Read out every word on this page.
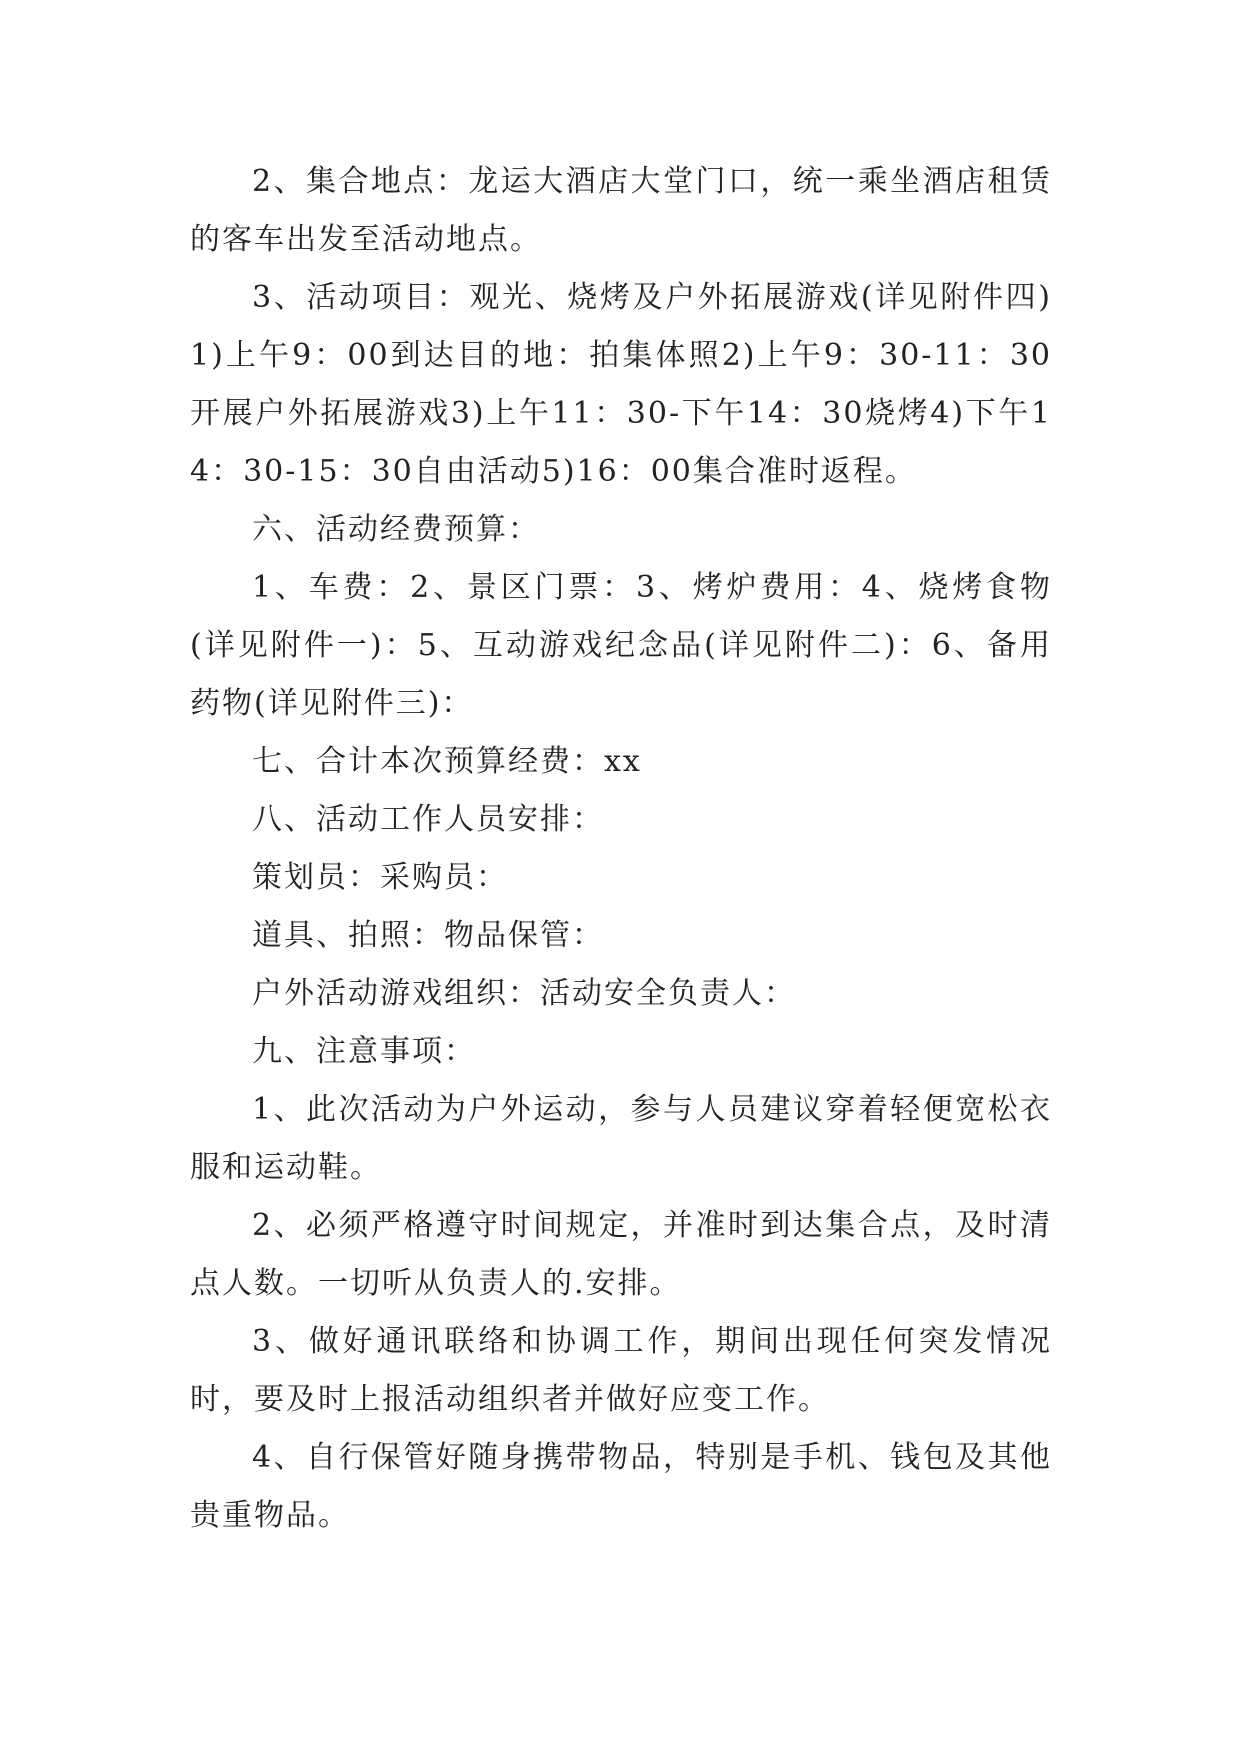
2、集合地点：龙运大酒店大堂门口，统一乘坐酒店租赁的客车出发至活动地点。

3、活动项目：观光、烧烤及户外拓展游戏(详见附件四)1)上午9：00到达目的地：拍集体照2)上午9：30-11：30开展户外拓展游戏3)上午11：30-下午14：30烧烤4)下午14：30-15：30自由活动5)16：00集合准时返程。

六、活动经费预算：

1、车费：2、景区门票：3、烤炉费用：4、烧烤食物(详见附件一)：5、互动游戏纪念品(详见附件二)：6、备用药物(详见附件三)：

七、合计本次预算经费：xx

八、活动工作人员安排：

策划员：采购员：

道具、拍照：物品保管：

户外活动游戏组织：活动安全负责人：

九、注意事项：

1、此次活动为户外运动，参与人员建议穿着轻便宽松衣服和运动鞋。

2、必须严格遵守时间规定，并准时到达集合点，及时清点人数。一切听从负责人的.安排。

3、做好通讯联络和协调工作，期间出现任何突发情况时，要及时上报活动组织者并做好应变工作。

4、自行保管好随身携带物品，特别是手机、钱包及其他贵重物品。
